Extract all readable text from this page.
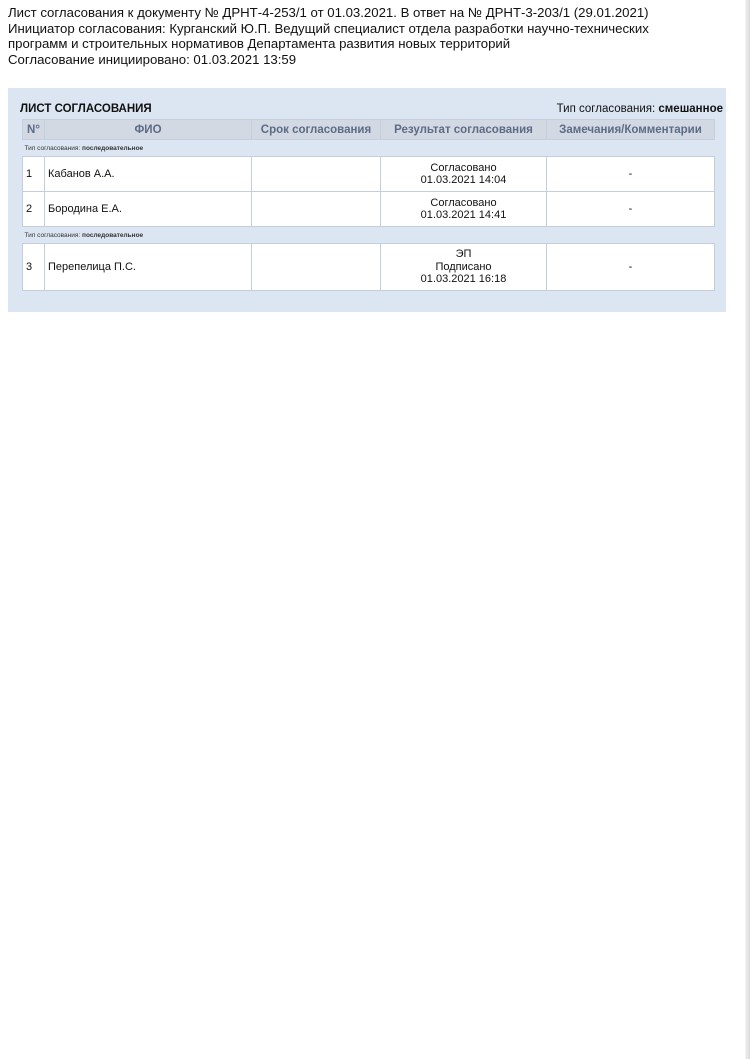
Лист согласования к документу № ДРНТ-4-253/1 от 01.03.2021. В ответ на № ДРНТ-3-203/1 (29.01.2021)
Инициатор согласования: Курганский Ю.П. Ведущий специалист отдела разработки научно-технических
программ и строительных нормативов Департамента развития новых территорий
Согласование инициировано: 01.03.2021 13:59
ЛИСТ СОГЛАСОВАНИЯ	Тип согласования: смешанное
N°	ФИО	Срок согласования	Результат согласования	Замечания/Комментарии
Тип согласования: последовательное				
1	Кабанов А.А.		Согласовано
01.03.2021 14:04	-
2	Бородина Е.А.		Согласовано
01.03.2021 14:41	-
Тип согласования: последовательное				
3	Перепелица П.С.		ЭП
Подписано
01.03.2021 16:18	-
